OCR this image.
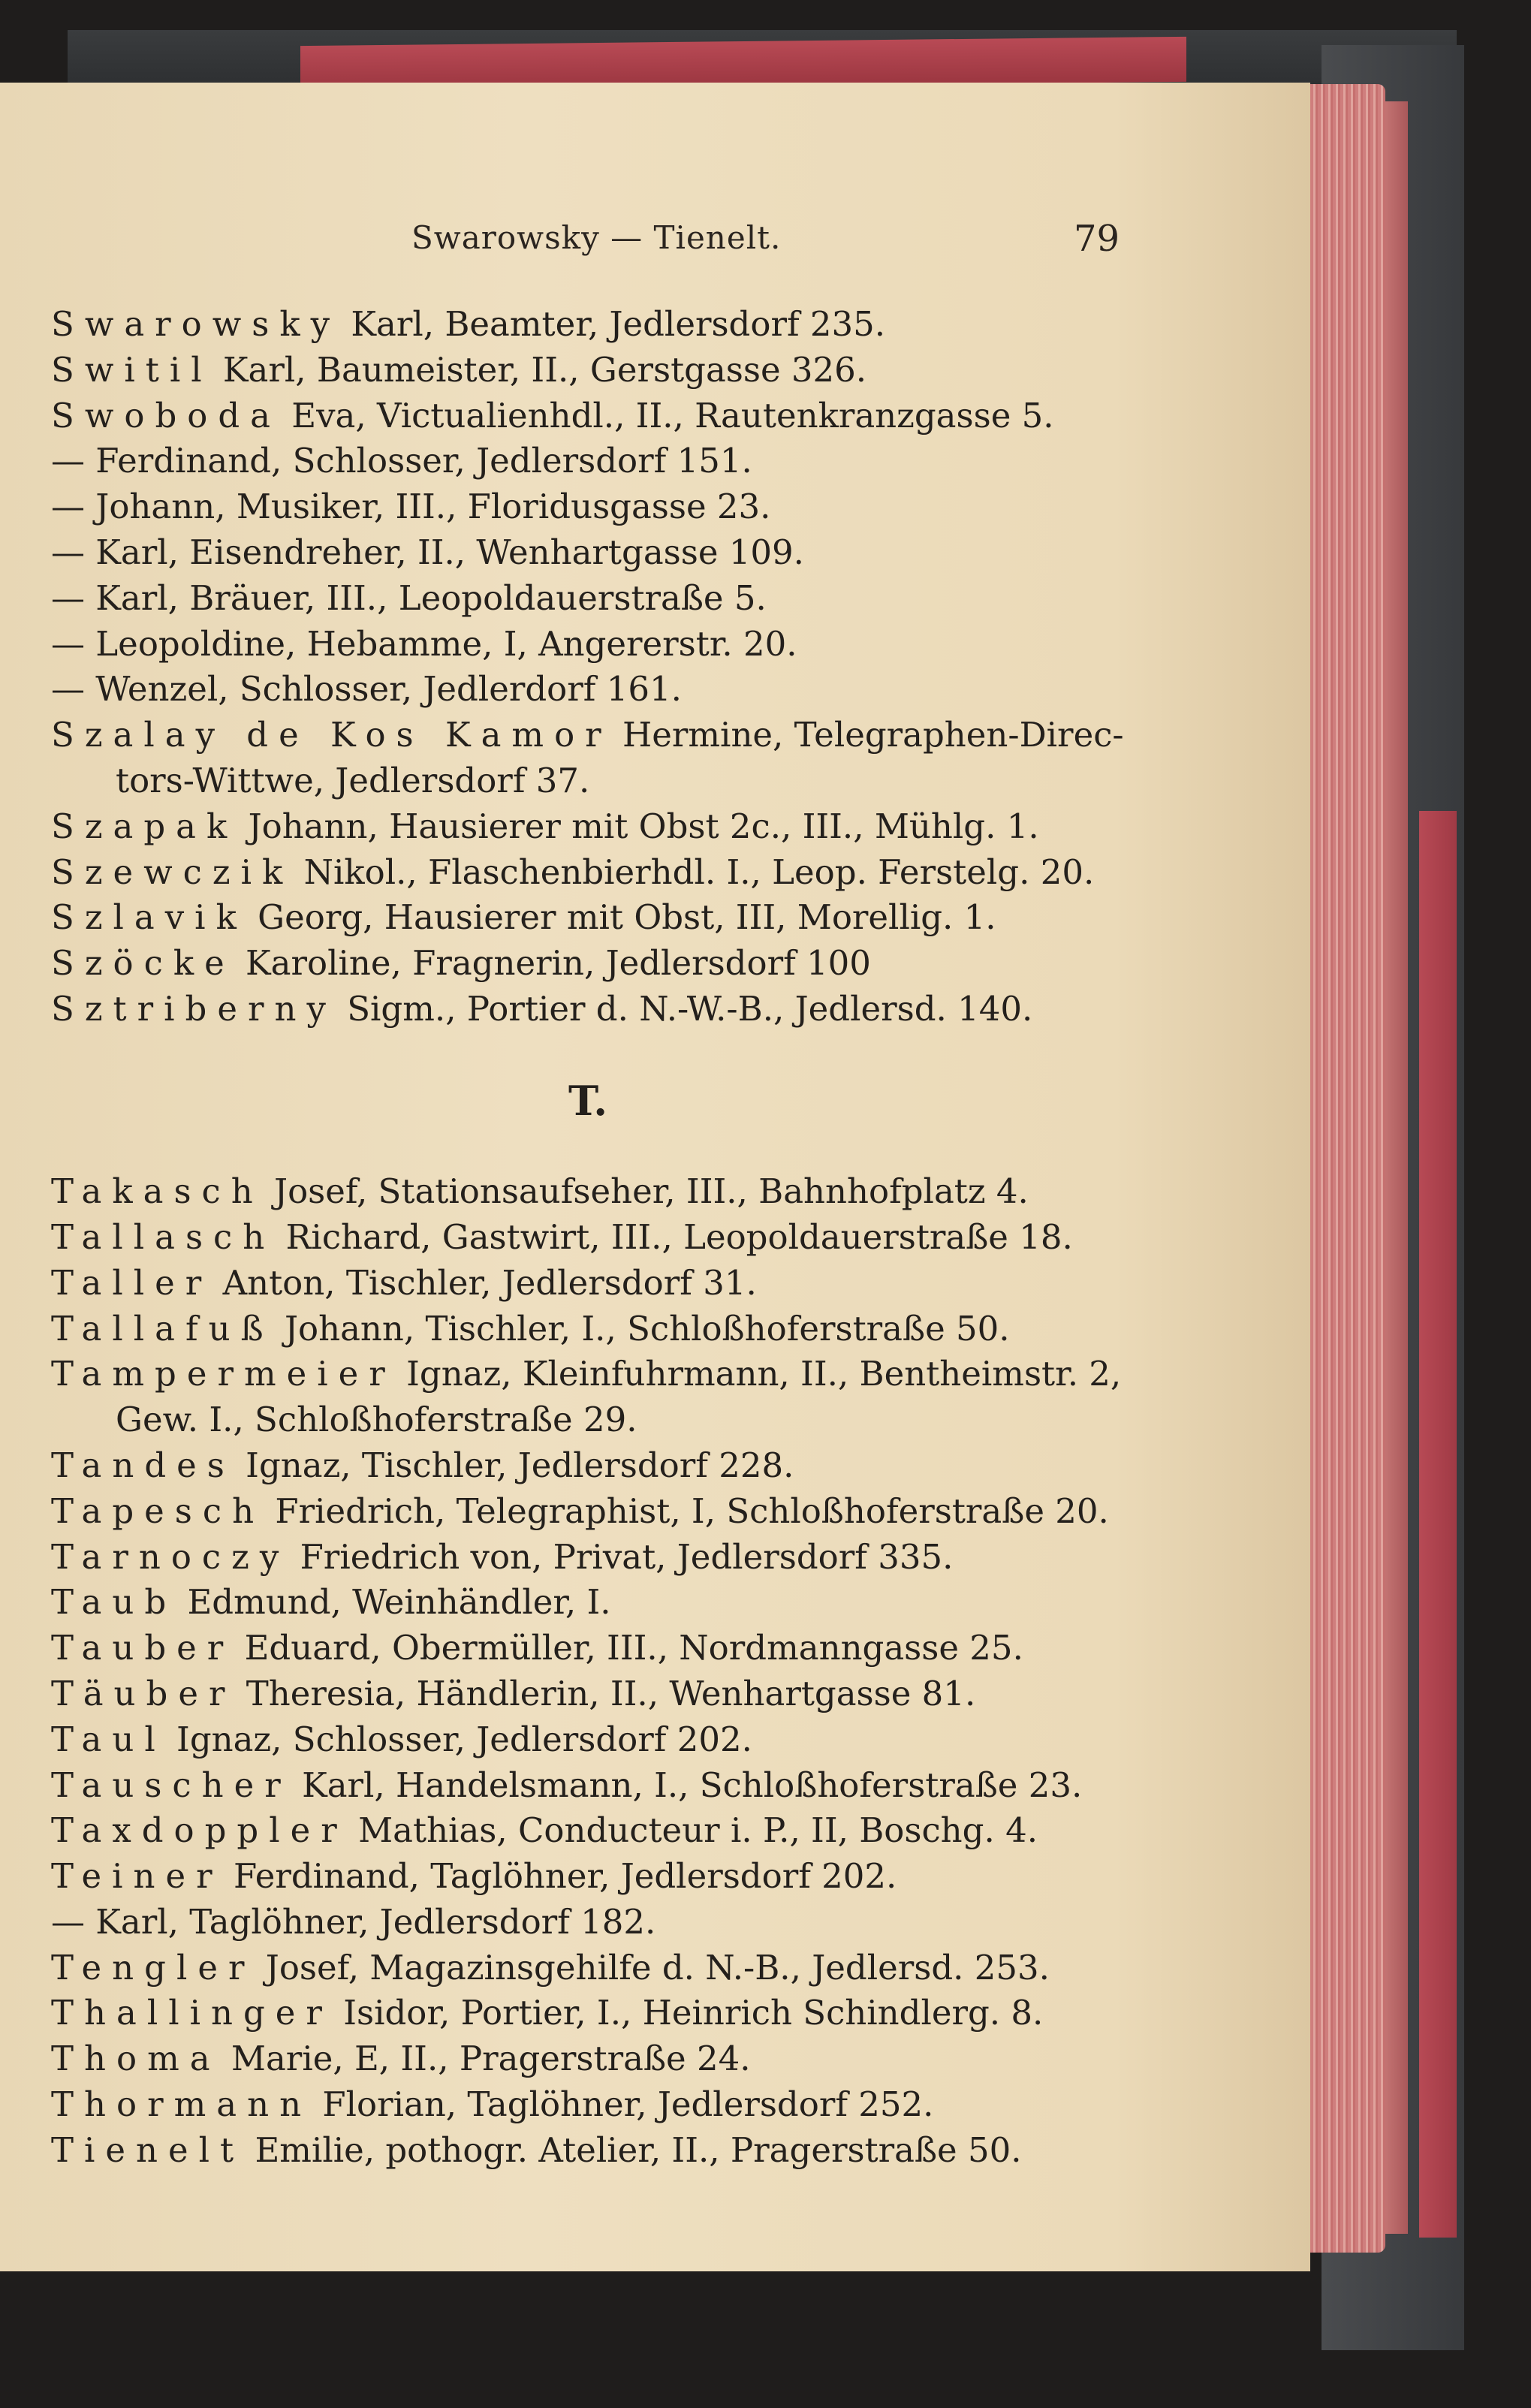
Swarowsky — Tienelt.	79
Swarowsky Karl, Beamter, Jedlersdorf 235.
Switil Karl, Baumeister, II., Gerstgasse 326.
Swoboda Eva, Victualienhdl., II., Rautenkranzgasse 5.
— Ferdinand, Schlosser, Jedlersdorf 151.
— Johann, Musiker, III., Floridusgasse 23.
— Karl, Eisendreher, II., Wenhartgasse 109.
— Karl, Bräuer, III., Leopoldauerstraße 5.
— Leopoldine, Hebamme, I, Angererstr. 20.
— Wenzel, Schlosser, Jedlerdorf 161.
Szalay de Kos Kamor Hermine, Telegraphen-Direc-
tors-Wittwe, Jedlersdorf 37.
Szapak Johann, Hausierer mit Obst 2c., III., Mühlg. 1.
Szewczik Nikol., Flaschenbierhdl. I., Leop. Ferstelg. 20.
Szlavik Georg, Hausierer mit Obst, III, Morellig. 1.
Szöcke Karoline, Fragnerin, Jedlersdorf 100
Sztriberny Sigm., Portier d. N.-W.-B., Jedlersd. 140.
T.
Takasch Josef, Stationsaufseher, III., Bahnhofplatz 4.
Tallasch Richard, Gastwirt, III., Leopoldauerstraße 18.
Taller Anton, Tischler, Jedlersdorf 31.
Tallafuß Johann, Tischler, I., Schloßhoferstraße 50.
Tampermeier Ignaz, Kleinfuhrmann, II., Bentheimstr. 2,
Gew. I., Schloßhoferstraße 29.
Tandes Ignaz, Tischler, Jedlersdorf 228.
Tapesch Friedrich, Telegraphist, I, Schloßhoferstraße 20.
Tarnoczy Friedrich von, Privat, Jedlersdorf 335.
Taub Edmund, Weinhändler, I.
Tauber Eduard, Obermüller, III., Nordmanngasse 25.
Täuber Theresia, Händlerin, II., Wenhartgasse 81.
Taul Ignaz, Schlosser, Jedlersdorf 202.
Tauscher Karl, Handelsmann, I., Schloßhoferstraße 23.
Taxdoppler Mathias, Conducteur i. P., II, Boschg. 4.
Teiner Ferdinand, Taglöhner, Jedlersdorf 202.
— Karl, Taglöhner, Jedlersdorf 182.
Tengler Josef, Magazinsgehilfe d. N.-B., Jedlersd. 253.
Thallinger Isidor, Portier, I., Heinrich Schindlerg. 8.
Thoma Marie, E, II., Pragerstraße 24.
Thormann Florian, Taglöhner, Jedlersdorf 252.
Tienelt Emilie, pothogr. Atelier, II., Pragerstraße 50.
